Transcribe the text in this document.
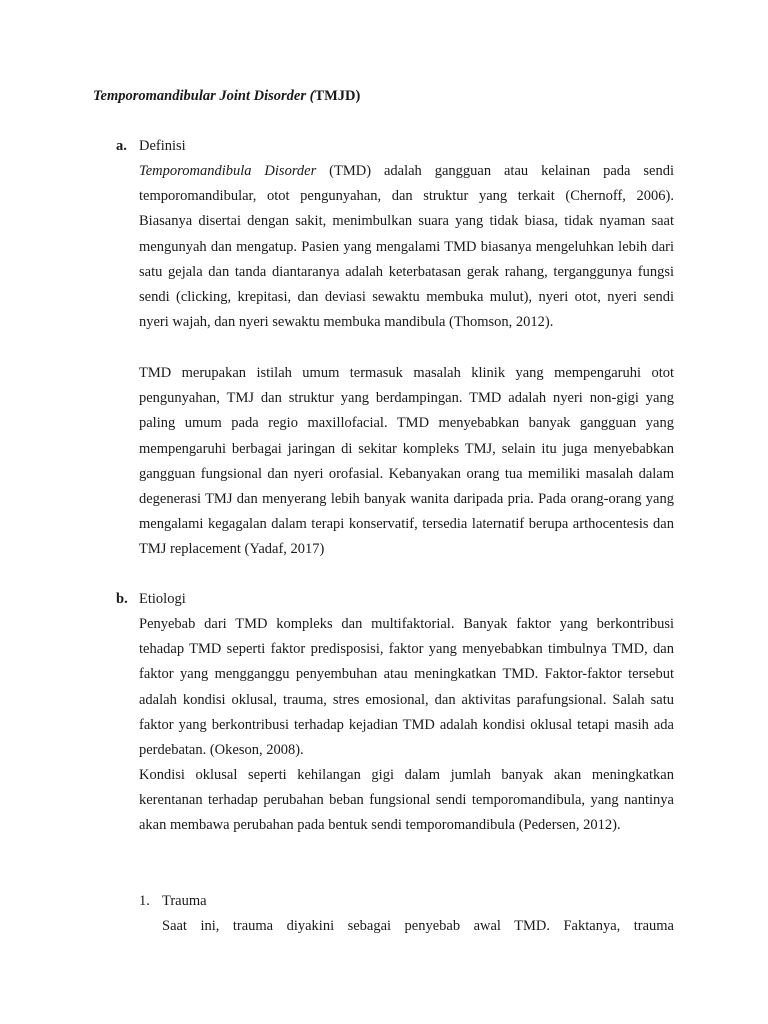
Temporomandibular Joint Disorder (TMJD)
a. Definisi

Temporomandibula Disorder (TMD) adalah gangguan atau kelainan pada sendi temporomandibular, otot pengunyahan, dan struktur yang terkait (Chernoff, 2006). Biasanya disertai dengan sakit, menimbulkan suara yang tidak biasa, tidak nyaman saat mengunyah dan mengatup. Pasien yang mengalami TMD biasanya mengeluhkan lebih dari satu gejala dan tanda diantaranya adalah keterbatasan gerak rahang, terganggunya fungsi sendi (clicking, krepitasi, dan deviasi sewaktu membuka mulut), nyeri otot, nyeri sendi nyeri wajah, dan nyeri sewaktu membuka mandibula (Thomson, 2012).

TMD merupakan istilah umum termasuk masalah klinik yang mempengaruhi otot pengunyahan, TMJ dan struktur yang berdampingan. TMD adalah nyeri non-gigi yang paling umum pada regio maxillofacial. TMD menyebabkan banyak gangguan yang mempengaruhi berbagai jaringan di sekitar kompleks TMJ, selain itu juga menyebabkan gangguan fungsional dan nyeri orofasial. Kebanyakan orang tua memiliki masalah dalam degenerasi TMJ dan menyerang lebih banyak wanita daripada pria. Pada orang-orang yang mengalami kegagalan dalam terapi konservatif, tersedia laternatif berupa arthocentesis dan TMJ replacement (Yadaf, 2017)

b. Etiologi

Penyebab dari TMD kompleks dan multifaktorial. Banyak faktor yang berkontribusi tehadap TMD seperti faktor predisposisi, faktor yang menyebabkan timbulnya TMD, dan faktor yang mengganggu penyembuhan atau meningkatkan TMD. Faktor-faktor tersebut adalah kondisi oklusal, trauma, stres emosional, dan aktivitas parafungsional. Salah satu faktor yang berkontribusi terhadap kejadian TMD adalah kondisi oklusal tetapi masih ada perdebatan. (Okeson, 2008).

Kondisi oklusal seperti kehilangan gigi dalam jumlah banyak akan meningkatkan kerentanan terhadap perubahan beban fungsional sendi temporomandibula, yang nantinya akan membawa perubahan pada bentuk sendi temporomandibula (Pedersen, 2012).

1. Trauma

Saat ini, trauma diyakini sebagai penyebab awal TMD. Faktanya, trauma
